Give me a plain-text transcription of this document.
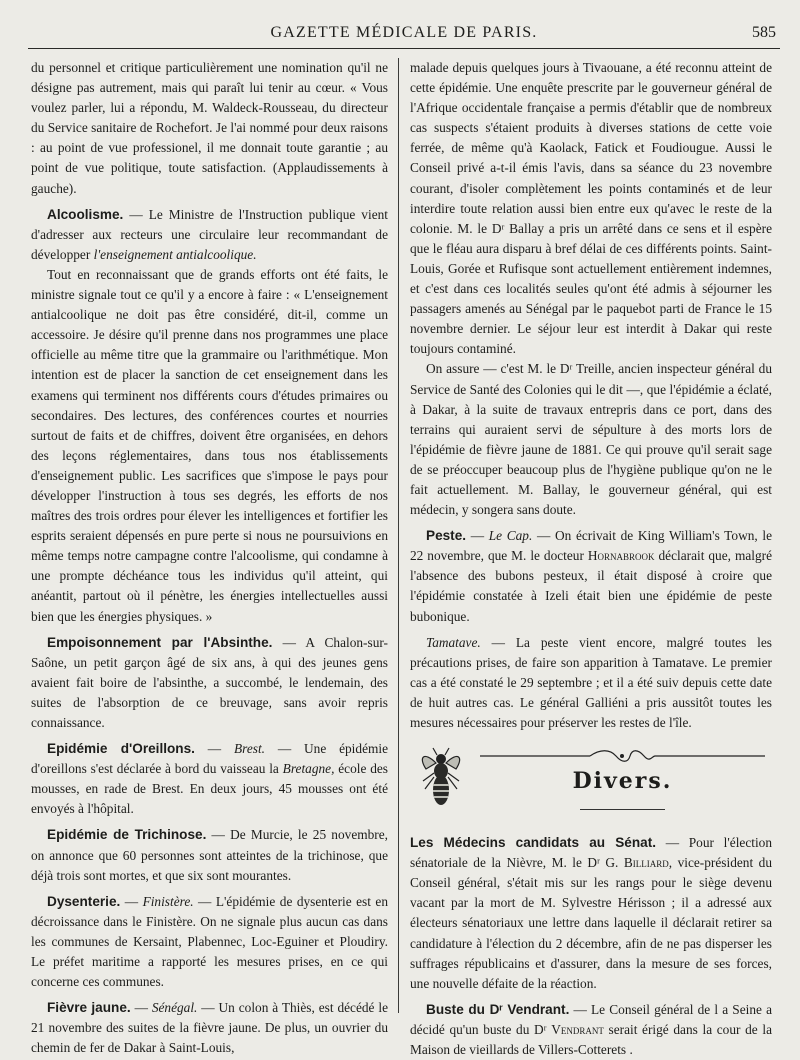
GAZETTE MÉDICALE DE PARIS.	585

du personnel et critique particulièrement une nomination qu'il ne désigne pas autrement, mais qui paraît lui tenir au cœur. « Vous voulez parler, lui a répondu, M. Waldeck-Rousseau, du directeur du Service sanitaire de Rochefort. Je l'ai nommé pour deux raisons : au point de vue professionel, il me donnait toute garantie ; au point de vue politique, toute satisfaction. (Applaudissements à gauche).

Alcoolisme. — Le Ministre de l'Instruction publique vient d'adresser aux recteurs une circulaire leur recommandant de développer l'enseignement antialcoolique.

Tout en reconnaissant que de grands efforts ont été faits, le ministre signale tout ce qu'il y a encore à faire : « L'enseignement antialcoolique ne doit pas être considéré, dit-il, comme un accessoire. Je désire qu'il prenne dans nos programmes une place officielle au même titre que la grammaire ou l'arithmétique. Mon intention est de placer la sanction de cet enseignement dans les examens qui terminent nos différents cours d'études primaires ou secondaires. Des lectures, des conférences courtes et nourries surtout de faits et de chiffres, doivent être organisées, en dehors des leçons réglementaires, dans tous nos établissements d'enseignement public. Les sacrifices que s'impose le pays pour développer l'instruction à tous ses degrés, les efforts de nos maîtres des trois ordres pour élever les intelligences et fortifier les esprits seraient dépensés en pure perte si nous ne poursuivions en même temps notre campagne contre l'alcoolisme, qui condamne à une prompte déchéance tous les individus qu'il atteint, qui anéantit, partout où il pénètre, les énergies intellectuelles aussi bien que les énergies physiques. »

Empoisonnement par l'Absinthe. — A Chalon-sur-Saône, un petit garçon âgé de six ans, à qui des jeunes gens avaient fait boire de l'absinthe, a succombé, le lendemain, des suites de l'absorption de ce breuvage, sans avoir repris connaissance.

Epidémie d'Oreillons. — Brest. — Une épidémie d'oreillons s'est déclarée à bord du vaisseau la Bretagne, école des mousses, en rade de Brest. En deux jours, 45 mousses ont été envoyés à l'hôpital.

Epidémie de Trichinose. — De Murcie, le 25 novembre, on annonce que 60 personnes sont atteintes de la trichinose, que déjà trois sont mortes, et que six sont mourantes.

Dysenterie. — Finistère. — L'épidémie de dysenterie est en décroissance dans le Finistère. On ne signale plus aucun cas dans les communes de Kersaint, Plabennec, Loc-Eguiner et Ploudiry. Le préfet maritime a rapporté les mesures prises, en ce qui concerne ces communes.

Fièvre jaune. — Sénégal. — Un colon à Thiès, est décédé le 21 novembre des suites de la fièvre jaune. De plus, un ouvrier du chemin de fer de Dakar à Saint-Louis,

malade depuis quelques jours à Tivaouane, a été reconnu atteint de cette épidémie. Une enquête prescrite par le gouverneur général de l'Afrique occidentale française a permis d'établir que de nombreux cas suspects s'étaient produits à diverses stations de cette voie ferrée, de même qu'à Kaolack, Fatick et Foudiougue. Aussi le Conseil privé a-t-il émis l'avis, dans sa séance du 23 novembre courant, d'isoler complètement les points contaminés et de leur interdire toute relation aussi bien entre eux qu'avec le reste de la colonie. M. le Dʳ Ballay a pris un arrêté dans ce sens et il espère que le fléau aura disparu à bref délai de ces différents points. Saint-Louis, Gorée et Rufisque sont actuellement entièrement indemnes, et c'est dans ces localités seules qu'ont été admis à séjourner les passagers amenés au Sénégal par le paquebot parti de France le 15 novembre dernier. Le séjour leur est interdit à Dakar qui reste toujours contaminé.

On assure — c'est M. le Dʳ Treille, ancien inspecteur général du Service de Santé des Colonies qui le dit —, que l'épidémie a éclaté, à Dakar, à la suite de travaux entrepris dans ce port, dans des terrains qui auraient servi de sépulture à des morts lors de l'épidémie de fièvre jaune de 1881. Ce qui prouve qu'il serait sage de se préoccuper beaucoup plus de l'hygiène publique qu'on ne le fait actuellement. M. Ballay, le gouverneur général, qui est médecin, y songera sans doute.

Peste. — Le Cap. — On écrivait de King William's Town, le 22 novembre, que M. le docteur Hornabrook déclarait que, malgré l'absence des bubons pesteux, il était disposé à croire que l'épidémie constatée à Izeli était bien une épidémie de peste bubonique.

Tamatave. — La peste vient encore, malgré toutes les précautions prises, de faire son apparition à Tamatave. Le premier cas a été constaté le 29 septembre ; et il a été suiv depuis cette date de huit autres cas. Le général Galliéni a pris aussitôt toutes les mesures nécessaires pour préserver les restes de l'île.

Divers.

Les Médecins candidats au Sénat. — Pour l'élection sénatoriale de la Nièvre, M. le Dʳ G. Billiard, vice-président du Conseil général, s'était mis sur les rangs pour le siège devenu vacant par la mort de M. Sylvestre Hérisson ; il a adressé aux électeurs sénatoriaux une lettre dans laquelle il déclarait retirer sa candidature à l'élection du 2 décembre, afin de ne pas disperser les suffrages républicains et d'assurer, dans la mesure de ses forces, une nouvelle défaite de la réaction.

Buste du Dʳ Vendrant. — Le Conseil général de l a Seine a décidé qu'un buste du Dʳ Vendrant serait érigé dans la cour de la Maison de vieillards de Villers-Cotterets .
